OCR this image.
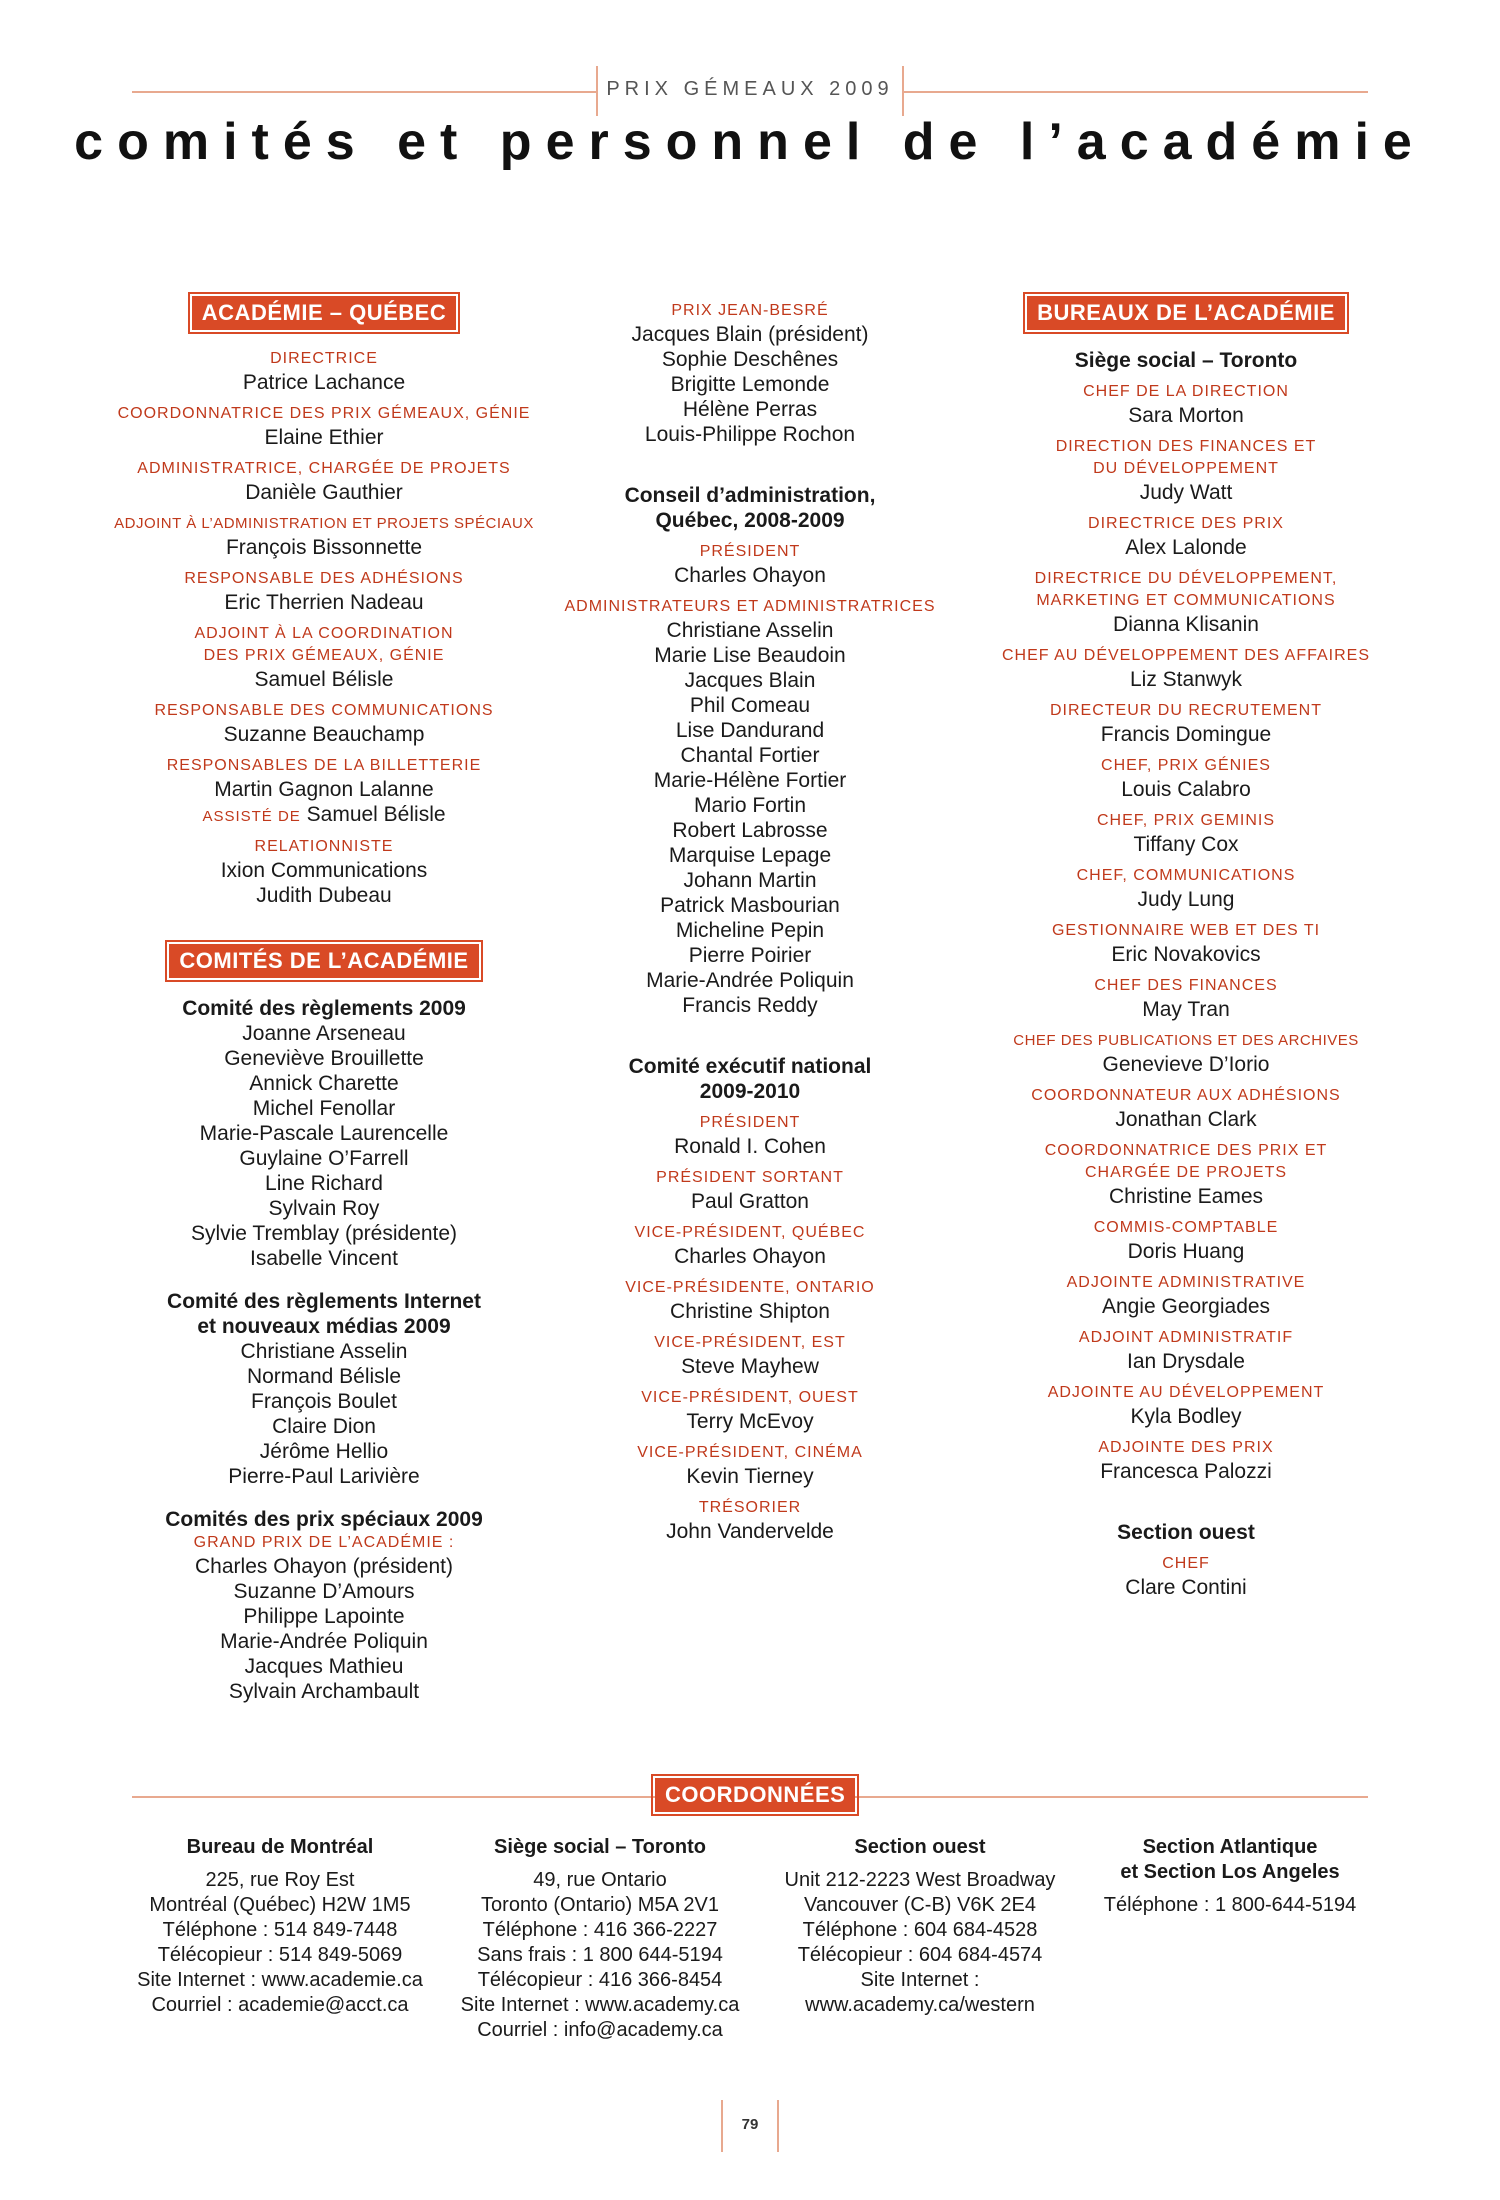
PRIX GÉMEAUX 2009
comités et personnel de l’académie
ACADÉMIE – QUÉBEC
DIRECTRICE
Patrice Lachance
COORDONNATRICE DES PRIX GÉMEAUX, GÉNIE
Elaine Ethier
ADMINISTRATRICE, CHARGÉE DE PROJETS
Danièle Gauthier
ADJOINT À L’ADMINISTRATION ET PROJETS SPÉCIAUX
François Bissonnette
RESPONSABLE DES ADHÉSIONS
Eric Therrien Nadeau
ADJOINT À LA COORDINATION
DES PRIX GÉMEAUX, GÉNIE
Samuel Bélisle
RESPONSABLE DES COMMUNICATIONS
Suzanne Beauchamp
RESPONSABLES DE LA BILLETTERIE
Martin Gagnon Lalanne
ASSISTÉ DE Samuel Bélisle
RELATIONNISTE
Ixion Communications
Judith Dubeau
COMITÉS DE L’ACADÉMIE
Comité des règlements 2009
Joanne Arseneau
Geneviève Brouillette
Annick Charette
Michel Fenollar
Marie-Pascale Laurencelle
Guylaine O’Farrell
Line Richard
Sylvain Roy
Sylvie Tremblay (présidente)
Isabelle Vincent
Comité des règlements Internet
et nouveaux médias 2009
Christiane Asselin
Normand Bélisle
François Boulet
Claire Dion
Jérôme Hellio
Pierre-Paul Larivière
Comités des prix spéciaux 2009
GRAND PRIX DE L’ACADÉMIE :
Charles Ohayon (président)
Suzanne D’Amours
Philippe Lapointe
Marie-Andrée Poliquin
Jacques Mathieu
Sylvain Archambault
PRIX JEAN-BESRÉ
Jacques Blain (président)
Sophie Deschênes
Brigitte Lemonde
Hélène Perras
Louis-Philippe Rochon
Conseil d’administration,
Québec, 2008-2009
PRÉSIDENT
Charles Ohayon
ADMINISTRATEURS ET ADMINISTRATRICES
Christiane Asselin
Marie Lise Beaudoin
Jacques Blain
Phil Comeau
Lise Dandurand
Chantal Fortier
Marie-Hélène Fortier
Mario Fortin
Robert Labrosse
Marquise Lepage
Johann Martin
Patrick Masbourian
Micheline Pepin
Pierre Poirier
Marie-Andrée Poliquin
Francis Reddy
Comité exécutif national
2009-2010
PRÉSIDENT
Ronald I. Cohen
PRÉSIDENT SORTANT
Paul Gratton
VICE-PRÉSIDENT, QUÉBEC
Charles Ohayon
VICE-PRÉSIDENTE, ONTARIO
Christine Shipton
VICE-PRÉSIDENT, EST
Steve Mayhew
VICE-PRÉSIDENT, OUEST
Terry McEvoy
VICE-PRÉSIDENT, CINÉMA
Kevin Tierney
TRÉSORIER
John Vandervelde
BUREAUX DE L’ACADÉMIE
Siège social – Toronto
CHEF DE LA DIRECTION
Sara Morton
DIRECTION DES FINANCES ET
DU DÉVELOPPEMENT
Judy Watt
DIRECTRICE DES PRIX
Alex Lalonde
DIRECTRICE DU DÉVELOPPEMENT,
MARKETING ET COMMUNICATIONS
Dianna Klisanin
CHEF AU DÉVELOPPEMENT DES AFFAIRES
Liz Stanwyk
DIRECTEUR DU RECRUTEMENT
Francis Domingue
CHEF, PRIX GÉNIES
Louis Calabro
CHEF, PRIX GEMINIS
Tiffany Cox
CHEF, COMMUNICATIONS
Judy Lung
GESTIONNAIRE WEB ET DES TI
Eric Novakovics
CHEF DES FINANCES
May Tran
CHEF DES PUBLICATIONS ET DES ARCHIVES
Genevieve D’Iorio
COORDONNATEUR AUX ADHÉSIONS
Jonathan Clark
COORDONNATRICE DES PRIX ET
CHARGÉE DE PROJETS
Christine Eames
COMMIS-COMPTABLE
Doris Huang
ADJOINTE ADMINISTRATIVE
Angie Georgiades
ADJOINT ADMINISTRATIF
Ian Drysdale
ADJOINTE AU DÉVELOPPEMENT
Kyla Bodley
ADJOINTE DES PRIX
Francesca Palozzi
Section ouest
CHEF
Clare Contini
COORDONNÉES
Bureau de Montréal
225, rue Roy Est
Montréal (Québec) H2W 1M5
Téléphone : 514 849-7448
Télécopieur : 514 849-5069
Site Internet : www.academie.ca
Courriel : academie@acct.ca
Siège social – Toronto
49, rue Ontario
Toronto (Ontario) M5A 2V1
Téléphone : 416 366-2227
Sans frais : 1 800 644-5194
Télécopieur : 416 366-8454
Site Internet : www.academy.ca
Courriel : info@academy.ca
Section ouest
Unit 212-2223 West Broadway
Vancouver (C-B) V6K 2E4
Téléphone : 604 684-4528
Télécopieur : 604 684-4574
Site Internet :
www.academy.ca/western
Section Atlantique
et Section Los Angeles
Téléphone : 1 800-644-5194
79
